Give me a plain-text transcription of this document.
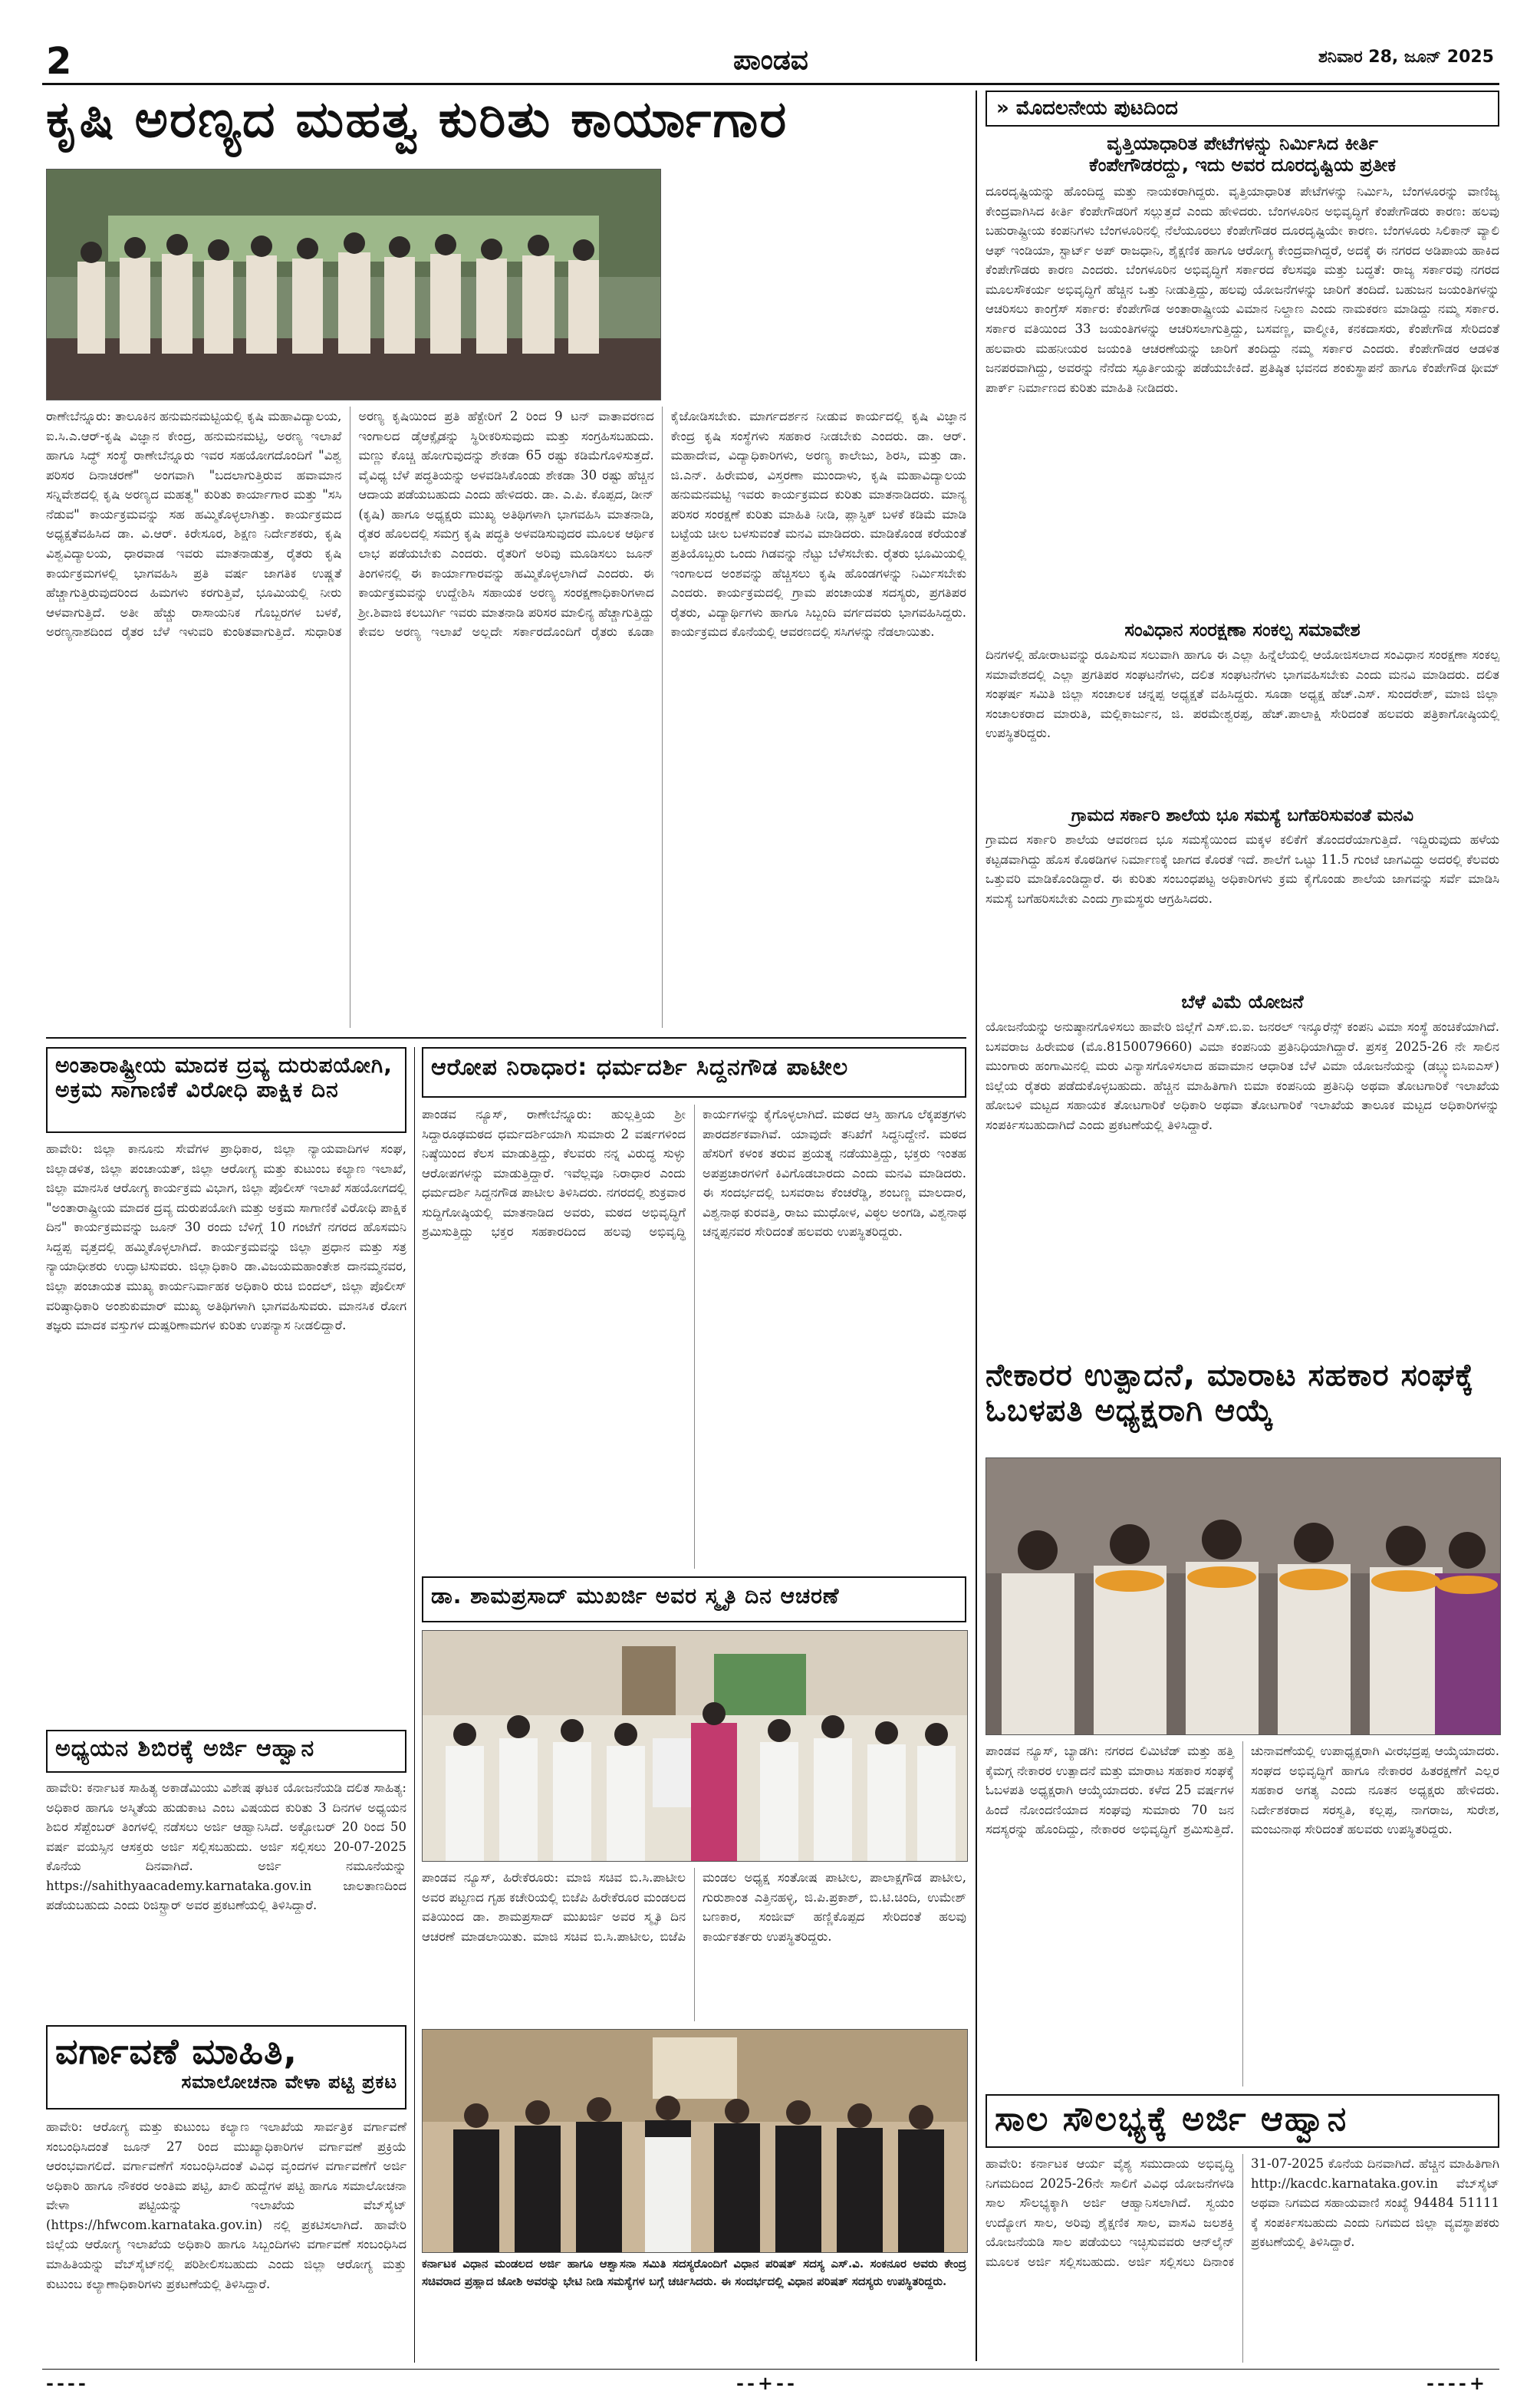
2	ಪಾಂಡವ	ಶನಿವಾರ 28, ಜೂನ್ 2025
ಕೃಷಿ ಅರಣ್ಯದ ಮಹತ್ವ ಕುರಿತು ಕಾರ್ಯಾಗಾರ
ರಾಣೇಬೆನ್ನೂರು: ತಾಲೂಕಿನ ಹನುಮನಮಟ್ಟಿಯಲ್ಲಿ ಕೃಷಿ ಮಹಾವಿದ್ಯಾಲಯ, ಐ.ಸಿ.ಎ.ಆರ್-ಕೃಷಿ ವಿಜ್ಞಾನ ಕೇಂದ್ರ, ಹನುಮನಮಟ್ಟಿ, ಅರಣ್ಯ ಇಲಾಖೆ ಹಾಗೂ ಸಿದ್ಧ್ ಸಂಸ್ಥೆ ರಾಣೇಬೆನ್ನೂರು ಇವರ ಸಹಯೋಗದೊಂದಿಗೆ "ವಿಶ್ವ ಪರಿಸರ ದಿನಾಚರಣೆ" ಅಂಗವಾಗಿ "ಬದಲಾಗುತ್ತಿರುವ ಹವಾಮಾನ ಸನ್ನಿವೇಶದಲ್ಲಿ ಕೃಷಿ ಅರಣ್ಯದ ಮಹತ್ವ" ಕುರಿತು ಕಾರ್ಯಾಗಾರ ಮತ್ತು "ಸಸಿ ನೆಡುವ" ಕಾರ್ಯಕ್ರಮವನ್ನು ಸಹ ಹಮ್ಮಿಕೊಳ್ಳಲಾಗಿತ್ತು. ಕಾರ್ಯಕ್ರಮದ ಅಧ್ಯಕ್ಷತೆವಹಿಸಿದ ಡಾ. ವಿ.ಆರ್. ಕಿರೇಸೂರ, ಶಿಕ್ಷಣ ನಿರ್ದೇಶಕರು, ಕೃಷಿ ವಿಶ್ವವಿದ್ಯಾಲಯ, ಧಾರವಾಡ ಇವರು ಮಾತನಾಡುತ್ತ, ರೈತರು ಕೃಷಿ ಕಾರ್ಯಕ್ರಮಗಳಲ್ಲಿ ಭಾಗವಹಿಸಿ ಪ್ರತಿ ವರ್ಷ ಜಾಗತಿಕ ಉಷ್ಣತೆ ಹೆಚ್ಚಾಗುತ್ತಿರುವುದರಿಂದ ಹಿಮಗಳು ಕರಗುತ್ತಿವೆ, ಭೂಮಿಯಲ್ಲಿ ನೀರು ಆಳವಾಗುತ್ತಿದೆ. ಅತೀ ಹೆಚ್ಚು ರಾಸಾಯನಿಕ ಗೊಬ್ಬರಗಳ ಬಳಕೆ, ಅರಣ್ಯನಾಶದಿಂದ ರೈತರ ಬೆಳೆ ಇಳುವರಿ ಕುಂಠಿತವಾಗುತ್ತಿದೆ. ಸುಧಾರಿತ ಅರಣ್ಯ ಕೃಷಿಯಿಂದ ಪ್ರತಿ ಹೆಕ್ಟೇರಿಗೆ 2 ರಿಂದ 9 ಟನ್ ವಾತಾವರಣದ ಇಂಗಾಲದ ಡೈಆಕ್ಸೈಡನ್ನು ಸ್ಥಿರೀಕರಿಸುವುದು ಮತ್ತು ಸಂಗ್ರಹಿಸಬಹುದು. ಮಣ್ಣು ಕೊಚ್ಚಿ ಹೋಗುವುದನ್ನು ಶೇಕಡಾ 65 ರಷ್ಟು ಕಡಿಮೆಗೊಳಿಸುತ್ತದೆ. ವೈವಿಧ್ಯ ಬೆಳೆ ಪದ್ಧತಿಯನ್ನು ಅಳವಡಿಸಿಕೊಂಡು ಶೇಕಡಾ 30 ರಷ್ಟು ಹೆಚ್ಚಿನ ಆದಾಯ ಪಡೆಯಬಹುದು ಎಂದು ಹೇಳಿದರು. ಡಾ. ಎ.ಪಿ. ಕೊಪ್ಪದ, ಡೀನ್ (ಕೃಷಿ) ಹಾಗೂ ಅಧ್ಯಕ್ಷರು ಮುಖ್ಯ ಅತಿಥಿಗಳಾಗಿ ಭಾಗವಹಿಸಿ ಮಾತನಾಡಿ, ರೈತರ ಹೊಲದಲ್ಲಿ ಸಮಗ್ರ ಕೃಷಿ ಪದ್ಧತಿ ಅಳವಡಿಸುವುದರ ಮೂಲಕ ಆರ್ಥಿಕ ಲಾಭ ಪಡೆಯಬೇಕು ಎಂದರು. ರೈತರಿಗೆ ಅರಿವು ಮೂಡಿಸಲು ಜೂನ್ ತಿಂಗಳಿನಲ್ಲಿ ಈ ಕಾರ್ಯಾಗಾರವನ್ನು ಹಮ್ಮಿಕೊಳ್ಳಲಾಗಿದೆ ಎಂದರು. ಈ ಕಾರ್ಯಕ್ರಮವನ್ನು ಉದ್ದೇಶಿಸಿ ಸಹಾಯಕ ಅರಣ್ಯ ಸಂರಕ್ಷಣಾಧಿಕಾರಿಗಳಾದ ಶ್ರೀ.ಶಿವಾಜಿ ಕಲಬುರ್ಗಿ ಇವರು ಮಾತನಾಡಿ ಪರಿಸರ ಮಾಲಿನ್ಯ ಹೆಚ್ಚಾಗುತ್ತಿದ್ದು ಕೇವಲ ಅರಣ್ಯ ಇಲಾಖೆ ಅಲ್ಲದೇ ಸರ್ಕಾರದೊಂದಿಗೆ ರೈತರು ಕೂಡಾ ಕೈಜೋಡಿಸಬೇಕು. ಮಾರ್ಗದರ್ಶನ ನೀಡುವ ಕಾರ್ಯದಲ್ಲಿ ಕೃಷಿ ವಿಜ್ಞಾನ ಕೇಂದ್ರ ಕೃಷಿ ಸಂಸ್ಥೆಗಳು ಸಹಕಾರ ನೀಡಬೇಕು ಎಂದರು. ಡಾ. ಆರ್. ಮಹಾದೇವ, ವಿದ್ಯಾಧಿಕಾರಿಗಳು, ಅರಣ್ಯ ಕಾಲೇಜು, ಶಿರಸಿ, ಮತ್ತು ಡಾ. ಜಿ.ಎನ್. ಹಿರೇಮಠ, ವಿಸ್ತರಣಾ ಮುಂದಾಳು, ಕೃಷಿ ಮಹಾವಿದ್ಯಾಲಯ ಹನುಮನಮಟ್ಟಿ ಇವರು ಕಾರ್ಯಕ್ರಮದ ಕುರಿತು ಮಾತನಾಡಿದರು. ಮಾನ್ಯ ಪರಿಸರ ಸಂರಕ್ಷಣೆ ಕುರಿತು ಮಾಹಿತಿ ನೀಡಿ, ಪ್ಲಾಸ್ಟಿಕ್ ಬಳಕೆ ಕಡಿಮೆ ಮಾಡಿ ಬಟ್ಟೆಯ ಚೀಲ ಬಳಸುವಂತೆ ಮನವಿ ಮಾಡಿದರು. ಮಾಡಿಕೊಂಡ ಕರೆಯಂತೆ ಪ್ರತಿಯೊಬ್ಬರು ಒಂದು ಗಿಡವನ್ನು ನೆಟ್ಟು ಬೆಳೆಸಬೇಕು. ರೈತರು ಭೂಮಿಯಲ್ಲಿ ಇಂಗಾಲದ ಅಂಶವನ್ನು ಹೆಚ್ಚಿಸಲು ಕೃಷಿ ಹೊಂಡಗಳನ್ನು ನಿರ್ಮಿಸಬೇಕು ಎಂದರು. ಕಾರ್ಯಕ್ರಮದಲ್ಲಿ ಗ್ರಾಮ ಪಂಚಾಯತ ಸದಸ್ಯರು, ಪ್ರಗತಿಪರ ರೈತರು, ವಿದ್ಯಾರ್ಥಿಗಳು ಹಾಗೂ ಸಿಬ್ಬಂದಿ ವರ್ಗದವರು ಭಾಗವಹಿಸಿದ್ದರು. ಕಾರ್ಯಕ್ರಮದ ಕೊನೆಯಲ್ಲಿ ಆವರಣದಲ್ಲಿ ಸಸಿಗಳನ್ನು ನೆಡಲಾಯಿತು.
» ಮೊದಲನೇಯ ಪುಟದಿಂದ
ವೃತ್ತಿಯಾಧಾರಿತ ಪೇಟೆಗಳನ್ನು ನಿರ್ಮಿಸಿದ ಕೀರ್ತಿ
ಕೆಂಪೇಗೌಡರದ್ದು, ಇದು ಅವರ ದೂರದೃಷ್ಟಿಯ ಪ್ರತೀಕ
ದೂರದೃಷ್ಟಿಯನ್ನು ಹೊಂದಿದ್ದ ಮತ್ತು ನಾಯಕರಾಗಿದ್ದರು. ವೃತ್ತಿಯಾಧಾರಿತ ಪೇಟೆಗಳನ್ನು ನಿರ್ಮಿಸಿ, ಬೆಂಗಳೂರನ್ನು ವಾಣಿಜ್ಯ ಕೇಂದ್ರವಾಗಿಸಿದ ಕೀರ್ತಿ ಕೆಂಪೇಗೌಡರಿಗೆ ಸಲ್ಲುತ್ತದೆ ಎಂದು ಹೇಳಿದರು. ಬೆಂಗಳೂರಿನ ಅಭಿವೃದ್ಧಿಗೆ ಕೆಂಪೇಗೌಡರು ಕಾರಣ: ಹಲವು ಬಹುರಾಷ್ಟ್ರೀಯ ಕಂಪನಿಗಳು ಬೆಂಗಳೂರಿನಲ್ಲಿ ನೆಲೆಯೂರಲು ಕೆಂಪೇಗೌಡರ ದೂರದೃಷ್ಟಿಯೇ ಕಾರಣ. ಬೆಂಗಳೂರು ಸಿಲಿಕಾನ್ ವ್ಯಾಲಿ ಆಫ್ ಇಂಡಿಯಾ, ಸ್ಟಾರ್ಟ್ ಅಪ್ ರಾಜಧಾನಿ, ಶೈಕ್ಷಣಿಕ ಹಾಗೂ ಆರೋಗ್ಯ ಕೇಂದ್ರವಾಗಿದ್ದರೆ, ಅದಕ್ಕೆ ಈ ನಗರದ ಅಡಿಪಾಯ ಹಾಕಿದ ಕೆಂಪೇಗೌಡರು ಕಾರಣ ಎಂದರು. ಬೆಂಗಳೂರಿನ ಅಭಿವೃದ್ಧಿಗೆ ಸರ್ಕಾರದ ಕೆಲಸವೂ ಮತ್ತು ಬದ್ಧತೆ: ರಾಜ್ಯ ಸರ್ಕಾರವು ನಗರದ ಮೂಲಸೌಕರ್ಯ ಅಭಿವೃದ್ಧಿಗೆ ಹೆಚ್ಚಿನ ಒತ್ತು ನೀಡುತ್ತಿದ್ದು, ಹಲವು ಯೋಜನೆಗಳನ್ನು ಜಾರಿಗೆ ತಂದಿದೆ. ಬಹುಜನ ಜಯಂತಿಗಳನ್ನು ಆಚರಿಸಲು ಕಾಂಗ್ರೆಸ್ ಸರ್ಕಾರ: ಕೆಂಪೇಗೌಡ ಅಂತಾರಾಷ್ಟ್ರೀಯ ವಿಮಾನ ನಿಲ್ದಾಣ ಎಂದು ನಾಮಕರಣ ಮಾಡಿದ್ದು ನಮ್ಮ ಸರ್ಕಾರ. ಸರ್ಕಾರ ವತಿಯಿಂದ 33 ಜಯಂತಿಗಳನ್ನು ಆಚರಿಸಲಾಗುತ್ತಿದ್ದು, ಬಸವಣ್ಣ, ವಾಲ್ಮೀಕಿ, ಕನಕದಾಸರು, ಕೆಂಪೇಗೌಡ ಸೇರಿದಂತೆ ಹಲವಾರು ಮಹನೀಯರ ಜಯಂತಿ ಆಚರಣೆಯನ್ನು ಜಾರಿಗೆ ತಂದಿದ್ದು ನಮ್ಮ ಸರ್ಕಾರ ಎಂದರು. ಕೆಂಪೇಗೌಡರ ಆಡಳಿತ ಜನಪರವಾಗಿದ್ದು, ಅವರನ್ನು ನೆನೆದು ಸ್ಫೂರ್ತಿಯನ್ನು ಪಡೆಯಬೇಕಿದೆ. ಪ್ರತಿಷ್ಠಿತ ಭವನದ ಶಂಕುಸ್ಥಾಪನೆ ಹಾಗೂ ಕೆಂಪೇಗೌಡ ಥೀಮ್ ಪಾರ್ಕ್ ನಿರ್ಮಾಣದ ಕುರಿತು ಮಾಹಿತಿ ನೀಡಿದರು.
ಸಂವಿಧಾನ ಸಂರಕ್ಷಣಾ ಸಂಕಲ್ಪ ಸಮಾವೇಶ
ದಿನಗಳಲ್ಲಿ ಹೋರಾಟವನ್ನು ರೂಪಿಸುವ ಸಲುವಾಗಿ ಹಾಗೂ ಈ ಎಲ್ಲಾ ಹಿನ್ನೆಲೆಯಲ್ಲಿ ಆಯೋಜಿಸಲಾದ ಸಂವಿಧಾನ ಸಂರಕ್ಷಣಾ ಸಂಕಲ್ಪ ಸಮಾವೇಶದಲ್ಲಿ ಎಲ್ಲಾ ಪ್ರಗತಿಪರ ಸಂಘಟನೆಗಳು, ದಲಿತ ಸಂಘಟನೆಗಳು ಭಾಗವಹಿಸಬೇಕು ಎಂದು ಮನವಿ ಮಾಡಿದರು. ದಲಿತ ಸಂಘರ್ಷ ಸಮಿತಿ ಜಿಲ್ಲಾ ಸಂಚಾಲಕ ಚನ್ನಪ್ಪ ಅಧ್ಯಕ್ಷತೆ ವಹಿಸಿದ್ದರು. ಸೂಡಾ ಅಧ್ಯಕ್ಷ ಹೆಚ್.ಎಸ್. ಸುಂದರೇಶ್, ಮಾಜಿ ಜಿಲ್ಲಾ ಸಂಚಾಲಕರಾದ ಮಾರುತಿ, ಮಲ್ಲಿಕಾರ್ಜುನ, ಜಿ. ಪರಮೇಶ್ವರಪ್ಪ, ಹೆಚ್.ಪಾಲಾಕ್ಷಿ ಸೇರಿದಂತೆ ಹಲವರು ಪತ್ರಿಕಾಗೋಷ್ಠಿಯಲ್ಲಿ ಉಪಸ್ಥಿತರಿದ್ದರು.
ಗ್ರಾಮದ ಸರ್ಕಾರಿ ಶಾಲೆಯ ಭೂ ಸಮಸ್ಯೆ ಬಗೆಹರಿಸುವಂತೆ ಮನವಿ
ಗ್ರಾಮದ ಸರ್ಕಾರಿ ಶಾಲೆಯ ಆವರಣದ ಭೂ ಸಮಸ್ಯೆಯಿಂದ ಮಕ್ಕಳ ಕಲಿಕೆಗೆ ತೊಂದರೆಯಾಗುತ್ತಿದೆ. ಇದ್ದಿರುವುದು ಹಳೆಯ ಕಟ್ಟಡವಾಗಿದ್ದು ಹೊಸ ಕೊಠಡಿಗಳ ನಿರ್ಮಾಣಕ್ಕೆ ಜಾಗದ ಕೊರತೆ ಇದೆ. ಶಾಲೆಗೆ ಒಟ್ಟು 11.5 ಗುಂಟೆ ಜಾಗವಿದ್ದು ಅದರಲ್ಲಿ ಕೆಲವರು ಒತ್ತುವರಿ ಮಾಡಿಕೊಂಡಿದ್ದಾರೆ. ಈ ಕುರಿತು ಸಂಬಂಧಪಟ್ಟ ಅಧಿಕಾರಿಗಳು ಕ್ರಮ ಕೈಗೊಂಡು ಶಾಲೆಯ ಜಾಗವನ್ನು ಸರ್ವೆ ಮಾಡಿಸಿ ಸಮಸ್ಯೆ ಬಗೆಹರಿಸಬೇಕು ಎಂದು ಗ್ರಾಮಸ್ಥರು ಆಗ್ರಹಿಸಿದರು.
ಬೆಳೆ ವಿಮೆ ಯೋಜನೆ
ಯೋಜನೆಯನ್ನು ಅನುಷ್ಠಾನಗೊಳಿಸಲು ಹಾವೇರಿ ಜಿಲ್ಲೆಗೆ ಎಸ್.ಬಿ.ಐ. ಜನರಲ್ ಇನ್ಶೂರೆನ್ಸ್ ಕಂಪನಿ ವಿಮಾ ಸಂಸ್ಥೆ ಹಂಚಿಕೆಯಾಗಿದೆ. ಬಸವರಾಜ ಹಿರೇಮಠ (ಮೊ.8150079660) ವಿಮಾ ಕಂಪನಿಯ ಪ್ರತಿನಿಧಿಯಾಗಿದ್ದಾರೆ. ಪ್ರಸಕ್ತ 2025-26 ನೇ ಸಾಲಿನ ಮುಂಗಾರು ಹಂಗಾಮಿನಲ್ಲಿ ಮರು ವಿನ್ಯಾಸಗೊಳಿಸಲಾದ ಹವಾಮಾನ ಆಧಾರಿತ ಬೆಳೆ ವಿಮಾ ಯೋಜನೆಯನ್ನು (ಡಬ್ಲ್ಯುಬಿಸಿಐಎಸ್) ಜಿಲ್ಲೆಯ ರೈತರು ಪಡೆದುಕೊಳ್ಳಬಹುದು. ಹೆಚ್ಚಿನ ಮಾಹಿತಿಗಾಗಿ ಬಿಮಾ ಕಂಪನಿಯ ಪ್ರತಿನಿಧಿ ಅಥವಾ ತೋಟಗಾರಿಕೆ ಇಲಾಖೆಯ ಹೋಬಳಿ ಮಟ್ಟದ ಸಹಾಯಕ ತೋಟಗಾರಿಕೆ ಅಧಿಕಾರಿ ಅಥವಾ ತೋಟಗಾರಿಕೆ ಇಲಾಖೆಯ ತಾಲೂಕ ಮಟ್ಟದ ಅಧಿಕಾರಿಗಳನ್ನು ಸಂಪರ್ಕಿಸಬಹುದಾಗಿದೆ ಎಂದು ಪ್ರಕಟಣೆಯಲ್ಲಿ ತಿಳಿಸಿದ್ದಾರೆ.
ಅಂತಾರಾಷ್ಟ್ರೀಯ ಮಾದಕ ದ್ರವ್ಯ ದುರುಪಯೋಗಿ, ಅಕ್ರಮ ಸಾಗಾಣಿಕೆ ವಿರೋಧಿ ಪಾಕ್ಷಿಕ ದಿನ
ಹಾವೇರಿ: ಜಿಲ್ಲಾ ಕಾನೂನು ಸೇವೆಗಳ ಪ್ರಾಧಿಕಾರ, ಜಿಲ್ಲಾ ನ್ಯಾಯವಾದಿಗಳ ಸಂಘ, ಜಿಲ್ಲಾಡಳಿತ, ಜಿಲ್ಲಾ ಪಂಚಾಯತ್, ಜಿಲ್ಲಾ ಆರೋಗ್ಯ ಮತ್ತು ಕುಟುಂಬ ಕಲ್ಯಾಣ ಇಲಾಖೆ, ಜಿಲ್ಲಾ ಮಾನಸಿಕ ಆರೋಗ್ಯ ಕಾರ್ಯಕ್ರಮ ವಿಭಾಗ, ಜಿಲ್ಲಾ ಪೊಲೀಸ್ ಇಲಾಖೆ ಸಹಯೋಗದಲ್ಲಿ "ಅಂತಾರಾಷ್ಟ್ರೀಯ ಮಾದಕ ದ್ರವ್ಯ ದುರುಪಯೋಗಿ ಮತ್ತು ಅಕ್ರಮ ಸಾಗಾಣಿಕೆ ವಿರೋಧಿ ಪಾಕ್ಷಿಕ ದಿನ" ಕಾರ್ಯಕ್ರಮವನ್ನು ಜೂನ್ 30 ರಂದು ಬೆಳಿಗ್ಗೆ 10 ಗಂಟೆಗೆ ನಗರದ ಹೊಸಮನಿ ಸಿದ್ದಪ್ಪ ವೃತ್ತದಲ್ಲಿ ಹಮ್ಮಿಕೊಳ್ಳಲಾಗಿದೆ. ಕಾರ್ಯಕ್ರಮವನ್ನು ಜಿಲ್ಲಾ ಪ್ರಧಾನ ಮತ್ತು ಸತ್ರ ನ್ಯಾಯಾಧೀಶರು ಉದ್ಘಾಟಿಸುವರು. ಜಿಲ್ಲಾಧಿಕಾರಿ ಡಾ.ವಿಜಯಮಹಾಂತೇಶ ದಾನಮ್ಮನವರ, ಜಿಲ್ಲಾ ಪಂಚಾಯತ ಮುಖ್ಯ ಕಾರ್ಯನಿರ್ವಾಹಕ ಅಧಿಕಾರಿ ರುಚಿ ಬಿಂದಲ್, ಜಿಲ್ಲಾ ಪೊಲೀಸ್ ವರಿಷ್ಠಾಧಿಕಾರಿ ಅಂಶುಕುಮಾರ್ ಮುಖ್ಯ ಅತಿಥಿಗಳಾಗಿ ಭಾಗವಹಿಸುವರು. ಮಾನಸಿಕ ರೋಗ ತಜ್ಞರು ಮಾದಕ ವಸ್ತುಗಳ ದುಷ್ಪರಿಣಾಮಗಳ ಕುರಿತು ಉಪನ್ಯಾಸ ನೀಡಲಿದ್ದಾರೆ.
ಅಧ್ಯಯನ ಶಿಬಿರಕ್ಕೆ ಅರ್ಜಿ ಆಹ್ವಾನ
ಹಾವೇರಿ: ಕರ್ನಾಟಕ ಸಾಹಿತ್ಯ ಅಕಾಡೆಮಿಯು ವಿಶೇಷ ಘಟಕ ಯೋಜನೆಯಡಿ ದಲಿತ ಸಾಹಿತ್ಯ: ಅಧಿಕಾರ ಹಾಗೂ ಅಸ್ಮಿತೆಯ ಹುಡುಕಾಟ ಎಂಬ ವಿಷಯದ ಕುರಿತು 3 ದಿನಗಳ ಅಧ್ಯಯನ ಶಿಬಿರ ಸೆಪ್ಟೆಂಬರ್ ತಿಂಗಳಲ್ಲಿ ನಡೆಸಲು ಅರ್ಜಿ ಆಹ್ವಾನಿಸಿದೆ. ಅಕ್ಟೋಬರ್ 20 ರಿಂದ 50 ವರ್ಷ ವಯಸ್ಸಿನ ಆಸಕ್ತರು ಅರ್ಜಿ ಸಲ್ಲಿಸಬಹುದು. ಅರ್ಜಿ ಸಲ್ಲಿಸಲು 20-07-2025 ಕೊನೆಯ ದಿನವಾಗಿದೆ. ಅರ್ಜಿ ನಮೂನೆಯನ್ನು https://sahithyaacademy.karnataka.gov.in ಜಾಲತಾಣದಿಂದ ಪಡೆಯಬಹುದು ಎಂದು ರಿಜಿಸ್ಟ್ರಾರ್ ಅವರ ಪ್ರಕಟಣೆಯಲ್ಲಿ ತಿಳಿಸಿದ್ದಾರೆ.
ವರ್ಗಾವಣೆ ಮಾಹಿತಿ,
ಸಮಾಲೋಚನಾ ವೇಳಾ ಪಟ್ಟಿ ಪ್ರಕಟ
ಹಾವೇರಿ: ಆರೋಗ್ಯ ಮತ್ತು ಕುಟುಂಬ ಕಲ್ಯಾಣ ಇಲಾಖೆಯ ಸಾರ್ವತ್ರಿಕ ವರ್ಗಾವಣೆ ಸಂಬಂಧಿಸಿದಂತೆ ಜೂನ್ 27 ರಿಂದ ಮುಖ್ಯಾಧಿಕಾರಿಗಳ ವರ್ಗಾವಣೆ ಪ್ರಕ್ರಿಯೆ ಆರಂಭವಾಗಲಿದೆ. ವರ್ಗಾವಣೆಗೆ ಸಂಬಂಧಿಸಿದಂತೆ ವಿವಿಧ ವೃಂದಗಳ ವರ್ಗಾವಣೆಗೆ ಅರ್ಜಿ ಅಧಿಕಾರಿ ಹಾಗೂ ನೌಕರರ ಅಂತಿಮ ಪಟ್ಟಿ, ಖಾಲಿ ಹುದ್ದೆಗಳ ಪಟ್ಟಿ ಹಾಗೂ ಸಮಾಲೋಚನಾ ವೇಳಾ ಪಟ್ಟಿಯನ್ನು ಇಲಾಖೆಯ ವೆಬ್‌ಸೈಟ್ (https://hfwcom.karnataka.gov.in) ನಲ್ಲಿ ಪ್ರಕಟಿಸಲಾಗಿದೆ. ಹಾವೇರಿ ಜಿಲ್ಲೆಯ ಆರೋಗ್ಯ ಇಲಾಖೆಯ ಅಧಿಕಾರಿ ಹಾಗೂ ಸಿಬ್ಬಂದಿಗಳು ವರ್ಗಾವಣೆ ಸಂಬಂಧಿಸಿದ ಮಾಹಿತಿಯನ್ನು ವೆಬ್‌ಸೈಟ್‌ನಲ್ಲಿ ಪರಿಶೀಲಿಸಬಹುದು ಎಂದು ಜಿಲ್ಲಾ ಆರೋಗ್ಯ ಮತ್ತು ಕುಟುಂಬ ಕಲ್ಯಾಣಾಧಿಕಾರಿಗಳು ಪ್ರಕಟಣೆಯಲ್ಲಿ ತಿಳಿಸಿದ್ದಾರೆ.
ಆರೋಪ ನಿರಾಧಾರ: ಧರ್ಮದರ್ಶಿ ಸಿದ್ದನಗೌಡ ಪಾಟೀಲ
ಪಾಂಡವ ನ್ಯೂಸ್, ರಾಣೇಬೆನ್ನೂರು: ಹುಲ್ಲತ್ತಿಯ ಶ್ರೀ ಸಿದ್ದಾರೂಢಮಠದ ಧರ್ಮದರ್ಶಿಯಾಗಿ ಸುಮಾರು 2 ವರ್ಷಗಳಿಂದ ನಿಷ್ಠೆಯಿಂದ ಕೆಲಸ ಮಾಡುತ್ತಿದ್ದು, ಕೆಲವರು ನನ್ನ ವಿರುದ್ಧ ಸುಳ್ಳು ಆರೋಪಗಳನ್ನು ಮಾಡುತ್ತಿದ್ದಾರೆ. ಇವೆಲ್ಲವೂ ನಿರಾಧಾರ ಎಂದು ಧರ್ಮದರ್ಶಿ ಸಿದ್ದನಗೌಡ ಪಾಟೀಲ ತಿಳಿಸಿದರು. ನಗರದಲ್ಲಿ ಶುಕ್ರವಾರ ಸುದ್ದಿಗೋಷ್ಠಿಯಲ್ಲಿ ಮಾತನಾಡಿದ ಅವರು, ಮಠದ ಅಭಿವೃದ್ಧಿಗೆ ಶ್ರಮಿಸುತ್ತಿದ್ದು ಭಕ್ತರ ಸಹಕಾರದಿಂದ ಹಲವು ಅಭಿವೃದ್ಧಿ ಕಾರ್ಯಗಳನ್ನು ಕೈಗೊಳ್ಳಲಾಗಿದೆ. ಮಠದ ಆಸ್ತಿ ಹಾಗೂ ಲೆಕ್ಕಪತ್ರಗಳು ಪಾರದರ್ಶಕವಾಗಿವೆ. ಯಾವುದೇ ತನಿಖೆಗೆ ಸಿದ್ಧನಿದ್ದೇನೆ. ಮಠದ ಹೆಸರಿಗೆ ಕಳಂಕ ತರುವ ಪ್ರಯತ್ನ ನಡೆಯುತ್ತಿದ್ದು, ಭಕ್ತರು ಇಂತಹ ಅಪಪ್ರಚಾರಗಳಿಗೆ ಕಿವಿಗೊಡಬಾರದು ಎಂದು ಮನವಿ ಮಾಡಿದರು. ಈ ಸಂದರ್ಭದಲ್ಲಿ ಬಸವರಾಜ ಕೆಂಚರೆಡ್ಡಿ, ಶಂಬಣ್ಣ ಮಾಲದಾರ, ವಿಶ್ವನಾಥ ಕುರವತ್ತಿ, ರಾಜು ಮುಧೋಳ, ವಿಠ್ಠಲ ಅಂಗಡಿ, ವಿಶ್ವನಾಥ ಚನ್ನಪ್ಪನವರ ಸೇರಿದಂತೆ ಹಲವರು ಉಪಸ್ಥಿತರಿದ್ದರು.
ಡಾ. ಶಾಮಪ್ರಸಾದ್ ಮುಖರ್ಜಿ ಅವರ ಸ್ಮೃತಿ ದಿನ ಆಚರಣೆ
ಪಾಂಡವ ನ್ಯೂಸ್, ಹಿರೇಕೆರೂರು: ಮಾಜಿ ಸಚಿವ ಬಿ.ಸಿ.ಪಾಟೀಲ ಅವರ ಪಟ್ಟಣದ ಗೃಹ ಕಚೇರಿಯಲ್ಲಿ ಬಿಜೆಪಿ ಹಿರೇಕೆರೂರ ಮಂಡಲದ ವತಿಯಿಂದ ಡಾ. ಶಾಮಪ್ರಸಾದ್ ಮುಖರ್ಜಿ ಅವರ ಸ್ಮೃತಿ ದಿನ ಆಚರಣೆ ಮಾಡಲಾಯಿತು. ಮಾಜಿ ಸಚಿವ ಬಿ.ಸಿ.ಪಾಟೀಲ, ಬಿಜೆಪಿ ಮಂಡಲ ಅಧ್ಯಕ್ಷ ಸಂತೋಷ ಪಾಟೀಲ, ಪಾಲಾಕ್ಷಗೌಡ ಪಾಟೀಲ, ಗುರುಶಾಂತ ಎತ್ತಿನಹಳ್ಳಿ, ಜಿ.ಪಿ.ಪ್ರಕಾಶ್, ಬಿ.ಟಿ.ಚಿಂದಿ, ಉಮೇಶ್ ಬಣಕಾರ, ಸಂಜೀವ್ ಹಣ್ಣಿಕೊಪ್ಪದ ಸೇರಿದಂತೆ ಹಲವು ಕಾರ್ಯಕರ್ತರು ಉಪಸ್ಥಿತರಿದ್ದರು.
ಕರ್ನಾಟಕ ವಿಧಾನ ಮಂಡಲದ ಅರ್ಜಿ ಹಾಗೂ ಆಶ್ವಾಸನಾ ಸಮಿತಿ ಸದಸ್ಯರೊಂದಿಗೆ ವಿಧಾನ ಪರಿಷತ್ ಸದಸ್ಯ ಎಸ್.ವಿ. ಸಂಕನೂರ ಅವರು ಕೇಂದ್ರ ಸಚಿವರಾದ ಪ್ರಹ್ಲಾದ ಜೋಶಿ ಅವರನ್ನು ಭೇಟಿ ನೀಡಿ ಸಮಸ್ಯೆಗಳ ಬಗ್ಗೆ ಚರ್ಚಿಸಿದರು. ಈ ಸಂದರ್ಭದಲ್ಲಿ ವಿಧಾನ ಪರಿಷತ್ ಸದಸ್ಯರು ಉಪಸ್ಥಿತರಿದ್ದರು.
ನೇಕಾರರ ಉತ್ಪಾದನೆ, ಮಾರಾಟ ಸಹಕಾರ ಸಂಘಕ್ಕೆ ಓಬಳಪತಿ ಅಧ್ಯಕ್ಷರಾಗಿ ಆಯ್ಕೆ
ಪಾಂಡವ ನ್ಯೂಸ್, ಬ್ಯಾಡಗಿ: ನಗರದ ಲಿಮಿಟೆಡ್ ಮತ್ತು ಹತ್ತಿ ಕೈಮಗ್ಗ ನೇಕಾರರ ಉತ್ಪಾದನೆ ಮತ್ತು ಮಾರಾಟ ಸಹಕಾರ ಸಂಘಕ್ಕೆ ಓಬಳಪತಿ ಅಧ್ಯಕ್ಷರಾಗಿ ಆಯ್ಕೆಯಾದರು. ಕಳೆದ 25 ವರ್ಷಗಳ ಹಿಂದೆ ನೋಂದಣಿಯಾದ ಸಂಘವು ಸುಮಾರು 70 ಜನ ಸದಸ್ಯರನ್ನು ಹೊಂದಿದ್ದು, ನೇಕಾರರ ಅಭಿವೃದ್ಧಿಗೆ ಶ್ರಮಿಸುತ್ತಿದೆ. ಚುನಾವಣೆಯಲ್ಲಿ ಉಪಾಧ್ಯಕ್ಷರಾಗಿ ವೀರಭದ್ರಪ್ಪ ಆಯ್ಕೆಯಾದರು. ಸಂಘದ ಅಭಿವೃದ್ಧಿಗೆ ಹಾಗೂ ನೇಕಾರರ ಹಿತರಕ್ಷಣೆಗೆ ಎಲ್ಲರ ಸಹಕಾರ ಅಗತ್ಯ ಎಂದು ನೂತನ ಅಧ್ಯಕ್ಷರು ಹೇಳಿದರು. ನಿರ್ದೇಶಕರಾದ ಸರಸ್ವತಿ, ಕಲ್ಲಪ್ಪ, ನಾಗರಾಜ, ಸುರೇಶ, ಮಂಜುನಾಥ ಸೇರಿದಂತೆ ಹಲವರು ಉಪಸ್ಥಿತರಿದ್ದರು.
ಸಾಲ ಸೌಲಭ್ಯಕ್ಕೆ ಅರ್ಜಿ ಆಹ್ವಾನ
ಹಾವೇರಿ: ಕರ್ನಾಟಕ ಆರ್ಯ ವೈಶ್ಯ ಸಮುದಾಯ ಅಭಿವೃದ್ಧಿ ನಿಗಮದಿಂದ 2025-26ನೇ ಸಾಲಿಗೆ ವಿವಿಧ ಯೋಜನೆಗಳಡಿ ಸಾಲ ಸೌಲಭ್ಯಕ್ಕಾಗಿ ಅರ್ಜಿ ಆಹ್ವಾನಿಸಲಾಗಿದೆ. ಸ್ವಯಂ ಉದ್ಯೋಗ ಸಾಲ, ಅರಿವು ಶೈಕ್ಷಣಿಕ ಸಾಲ, ವಾಸವಿ ಜಲಶಕ್ತಿ ಯೋಜನೆಯಡಿ ಸಾಲ ಪಡೆಯಲು ಇಚ್ಛಿಸುವವರು ಆನ್‌ಲೈನ್ ಮೂಲಕ ಅರ್ಜಿ ಸಲ್ಲಿಸಬಹುದು. ಅರ್ಜಿ ಸಲ್ಲಿಸಲು ದಿನಾಂಕ 31-07-2025 ಕೊನೆಯ ದಿನವಾಗಿದೆ. ಹೆಚ್ಚಿನ ಮಾಹಿತಿಗಾಗಿ http://kacdc.karnataka.gov.in ವೆಬ್‌ಸೈಟ್ ಅಥವಾ ನಿಗಮದ ಸಹಾಯವಾಣಿ ಸಂಖ್ಯೆ 94484 51111 ಕ್ಕೆ ಸಂಪರ್ಕಿಸಬಹುದು ಎಂದು ನಿಗಮದ ಜಿಲ್ಲಾ ವ್ಯವಸ್ಥಾಪಕರು ಪ್ರಕಟಣೆಯಲ್ಲಿ ತಿಳಿಸಿದ್ದಾರೆ.
----	--+--	----+
